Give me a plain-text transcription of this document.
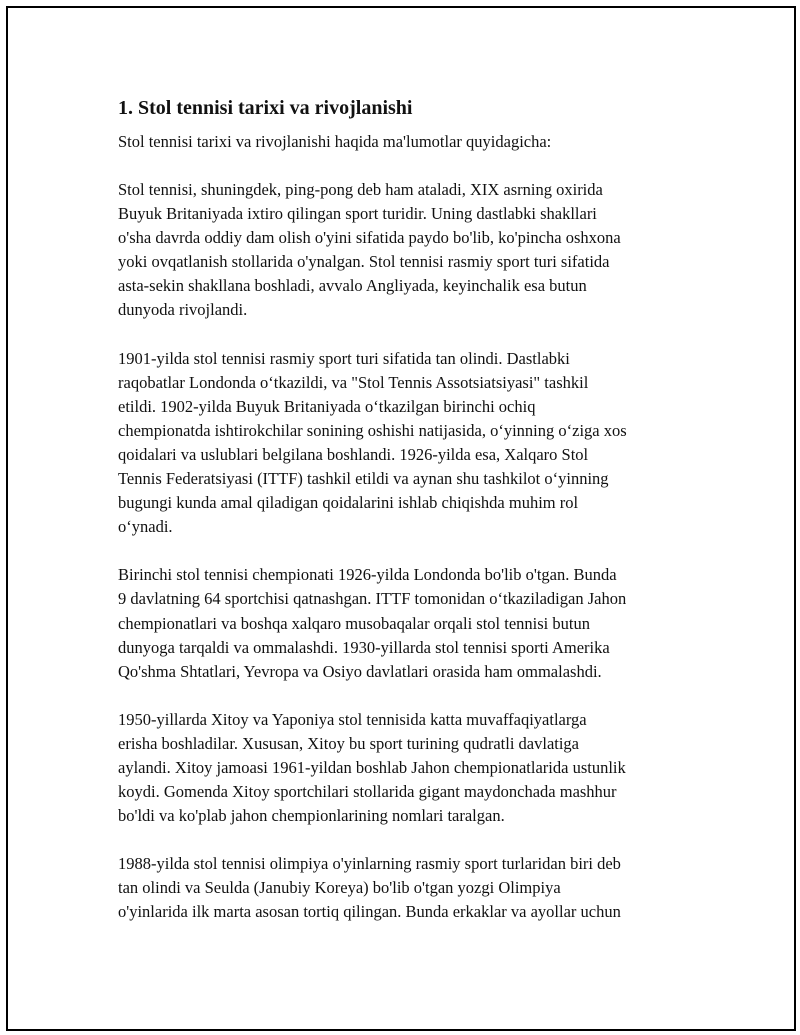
1. Stol tennisi tarixi va rivojlanishi

Stol tennisi tarixi va rivojlanishi haqida ma'lumotlar quyidagicha:

Stol tennisi, shuningdek, ping-pong deb ham ataladi, XIX asrning oxirida
Buyuk Britaniyada ixtiro qilingan sport turidir. Uning dastlabki shakllari
o'sha davrda oddiy dam olish o'yini sifatida paydo bo'lib, ko'pincha oshxona
yoki ovqatlanish stollarida o'ynalgan. Stol tennisi rasmiy sport turi sifatida
asta-sekin shakllana boshladi, avvalo Angliyada, keyinchalik esa butun
dunyoda rivojlandi.
1901-yilda stol tennisi rasmiy sport turi sifatida tan olindi. Dastlabki
raqobatlar Londonda o‘tkazildi, va "Stol Tennis Assotsiatsiyasi" tashkil
etildi. 1902-yilda Buyuk Britaniyada o‘tkazilgan birinchi ochiq
chempionatda ishtirokchilar sonining oshishi natijasida, o‘yinning o‘ziga xos
qoidalari va uslublari belgilana boshlandi. 1926-yilda esa, Xalqaro Stol
Tennis Federatsiyasi (ITTF) tashkil etildi va aynan shu tashkilot o‘yinning
bugungi kunda amal qiladigan qoidalarini ishlab chiqishda muhim rol
o‘ynadi.
Birinchi stol tennisi chempionati 1926-yilda Londonda bo'lib o'tgan. Bunda
9 davlatning 64 sportchisi qatnashgan. ITTF tomonidan o‘tkaziladigan Jahon
chempionatlari va boshqa xalqaro musobaqalar orqali stol tennisi butun
dunyoga tarqaldi va ommalashdi. 1930-yillarda stol tennisi sporti Amerika
Qo'shma Shtatlari, Yevropa va Osiyo davlatlari orasida ham ommalashdi.
1950-yillarda Xitoy va Yaponiya stol tennisida katta muvaffaqiyatlarga
erisha boshladilar. Xususan, Xitoy bu sport turining qudratli davlatiga
aylandi. Xitoy jamoasi 1961-yildan boshlab Jahon chempionatlarida ustunlik
koydi. Gomenda Xitoy sportchilari stollarida gigant maydonchada mashhur
bo'ldi va ko'plab jahon chempionlarining nomlari taralgan.
1988-yilda stol tennisi olimpiya o'yinlarning rasmiy sport turlaridan biri deb
tan olindi va Seulda (Janubiy Koreya) bo'lib o'tgan yozgi Olimpiya
o'yinlarida ilk marta asosan tortiq qilingan. Bunda erkaklar va ayollar uchun
